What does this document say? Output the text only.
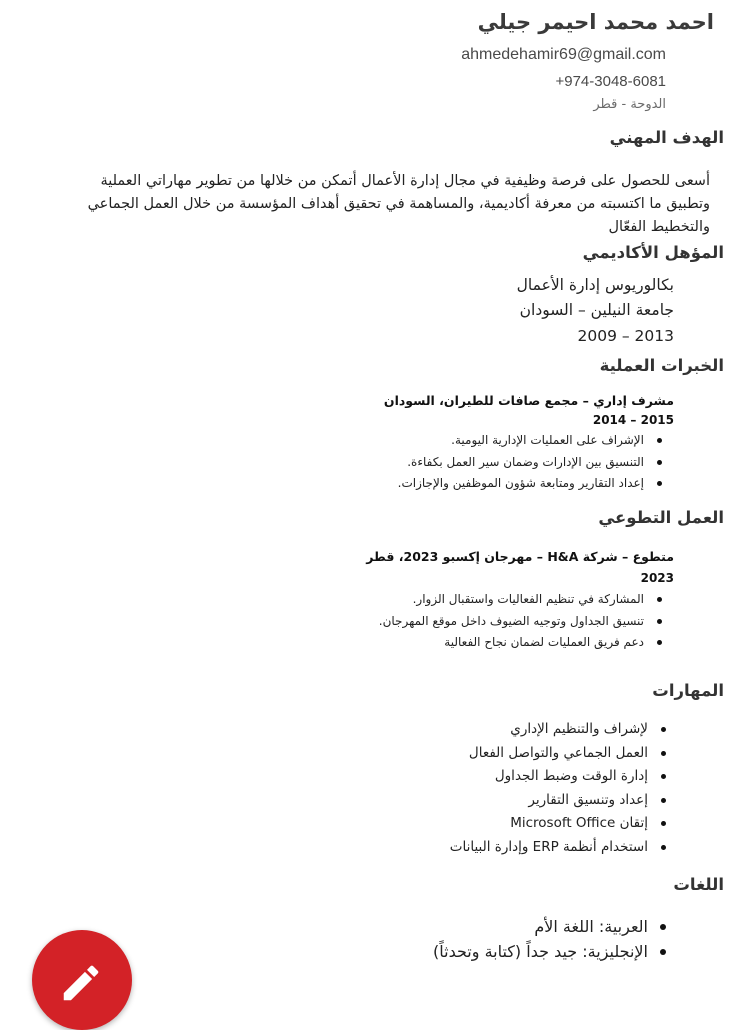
احمد محمد احيمر جيلي
ahmedehamir69@gmail.com
+974-3048-6081
الدوحة - قطر
الهدف المهني
أسعى للحصول على فرصة وظيفية في مجال إدارة الأعمال أتمكن من خلالها من تطوير مهاراتي العملية وتطبيق ما اكتسبته من معرفة أكاديمية، والمساهمة في تحقيق أهداف المؤسسة من خلال العمل الجماعي والتخطيط الفعّال
المؤهل الأكاديمي
بكالوريوس إدارة الأعمال
جامعة النيلين – السودان
2009 – 2013
الخبرات العملية
مشرف إداري – مجمع صافات للطيران، السودان
2014 – 2015
الإشراف على العمليات الإدارية اليومية.
التنسيق بين الإدارات وضمان سير العمل بكفاءة.
إعداد التقارير ومتابعة شؤون الموظفين والإجازات.
العمل التطوعي
متطوع – شركة H&A – مهرجان إكسبو 2023، قطر
2023
المشاركة في تنظيم الفعاليات واستقبال الزوار.
تنسيق الجداول وتوجيه الضيوف داخل موقع المهرجان.
دعم فريق العمليات لضمان نجاح الفعالية
المهارات
لإشراف والتنظيم الإداري
العمل الجماعي والتواصل الفعال
إدارة الوقت وضبط الجداول
إعداد وتنسيق التقارير
إتقان Microsoft Office
استخدام أنظمة ERP وإدارة البيانات
اللغات
العربية: اللغة الأم
الإنجليزية: جيد جداً (كتابة وتحدثاً)
